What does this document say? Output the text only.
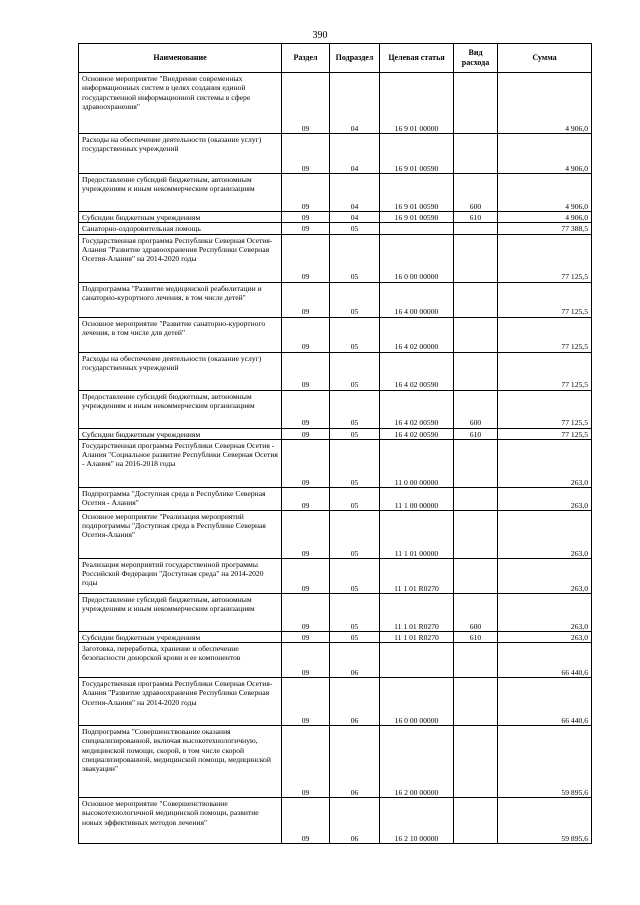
390
Наименование	Раздел	Подраздел	Целевая статья	Вид расхода	Сумма
Основное мероприятие "Внедрение современных информационных систем в целях создания единой государственной информационной системы в сфере здравоохранения"	09	04	16 9 01 00000		4 906,0
Расходы на обеспечение деятельности (оказание услуг) государственных учреждений	09	04	16 9 01 00590		4 906,0
Предоставление субсидий бюджетным, автономным учреждениям и иным некоммерческим организациям	09	04	16 9 01 00590	600	4 906,0
Субсидии бюджетным учреждениям	09	04	16 9 01 00590	610	4 906,0
Санаторно-оздоровительная помощь	09	05			77 388,5
Государственная программа Республики Северная Осетия-Алания "Развитие здравоохранения Республики Северная Осетия-Алания" на 2014-2020 годы	09	05	16 0 00 00000		77 125,5
Подпрограмма "Развитие медицинской реабилитации и санаторно-курортного лечения, в том числе детей"	09	05	16 4 00 00000		77 125,5
Основное мероприятие "Развитие санаторно-курортного лечения, в том числе для детей"	09	05	16 4 02 00000		77 125,5
Расходы на обеспечение деятельности (оказание услуг) государственных учреждений	09	05	16 4 02 00590		77 125,5
Предоставление субсидий бюджетным, автономным учреждениям и иным некоммерческим организациям	09	05	16 4 02 00590	600	77 125,5
Субсидии бюджетным учреждениям	09	05	16 4 02 00590	610	77 125,5
Государственная программа Республики Северная Осетия - Алания "Социальное развитие Республики Северная Осетия - Алания" на 2016-2018 годы	09	05	11 0 00 00000		263,0
Подпрограмма "Доступная среда в Республике Северная Осетия - Алания"	09	05	11 1 00 00000		263,0
Основное мероприятие "Реализация мероприятий подпрограммы "Доступная среда в Республике Северная Осетия-Алания"	09	05	11 1 01 00000		263,0
Реализация мероприятий государственной программы Российской Федерации "Доступная среда" на 2014-2020 годы	09	05	11 1 01 R0270		263,0
Предоставление субсидий бюджетным, автономным учреждениям и иным некоммерческим организациям	09	05	11 1 01 R0270	600	263,0
Субсидии бюджетным учреждениям	09	05	11 1 01 R0270	610	263,0
Заготовка, переработка, хранение и обеспечение безопасности донорской крови и ее компонентов	09	06			66 440,6
Государственная программа Республики Северная Осетия-Алания "Развитие здравоохранения Республики Северная Осетия-Алания" на 2014-2020 годы	09	06	16 0 00 00000		66 440,6
Подпрограмма "Совершенствование оказания специализированной, включая высокотехнологичную, медицинской помощи, скорой, в том числе скорой специализированной, медицинской помощи, медицинской эвакуации"	09	06	16 2 00 00000		59 895,6
Основное мероприятие "Совершенствование высокотехнологичной медицинской помощи, развитие новых эффективных методов лечения"	09	06	16 2 10 00000		59 895,6
